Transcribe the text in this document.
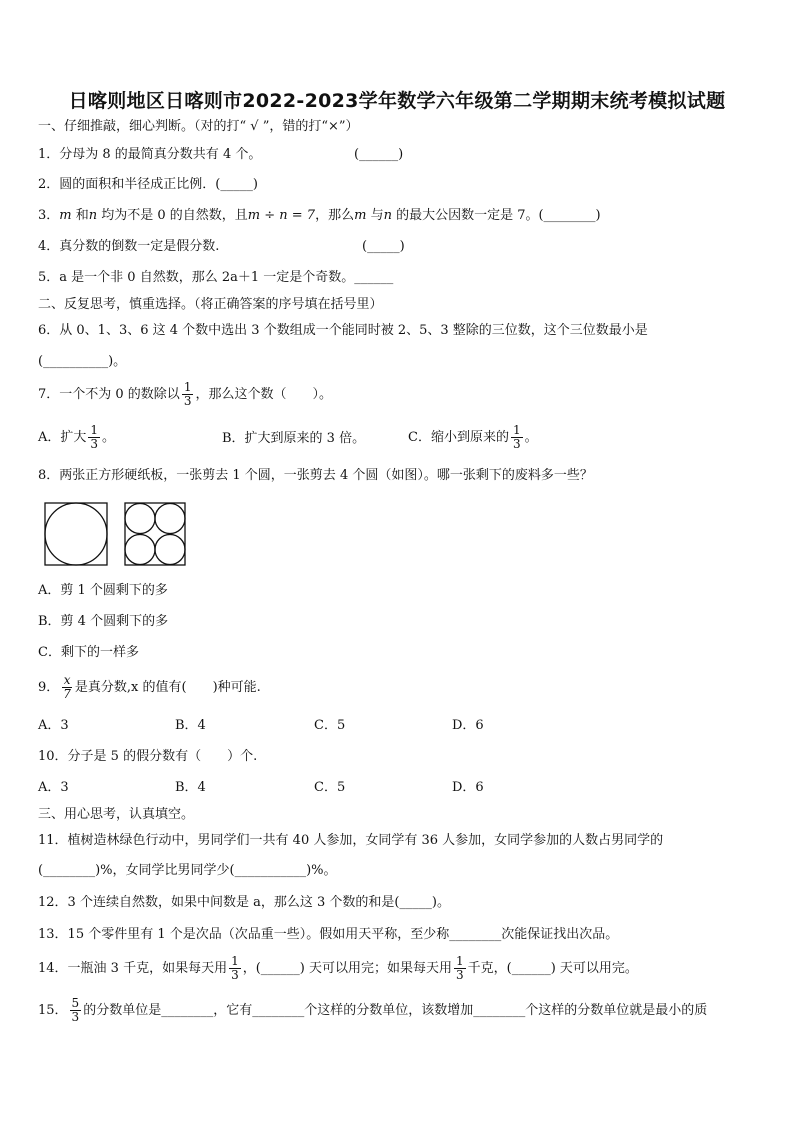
日喀则地区日喀则市2022-2023学年数学六年级第二学期期末统考模拟试题
一、仔细推敲，细心判断。（对的打“ √ ”，错的打“×”）
1．分母为 8 的最简真分数共有 4 个。	(______)
2．圆的面积和半径成正比例．(_____)
3．m 和n 均为不是 0 的自然数，且m ÷ n = 7，那么m 与n 的最大公因数一定是 7。(________)
4．真分数的倒数一定是假分数.	(_____)
5．a 是一个非 0 自然数，那么 2a＋1 一定是个奇数。______
二、反复思考，慎重选择。（将正确答案的序号填在括号里）
6．从 0、1、3、6 这 4 个数中选出 3 个数组成一个能同时被 2、5、3 整除的三位数，这个三位数最小是
(__________)。
7．一个不为 0 的数除以 $\frac{1}{3}$ ，那么这个数（　　）。
A．扩大 $\frac{1}{3}$ 。	B．扩大到原来的 3 倍。	C．缩小到原来的 $\frac{1}{3}$ 。
8．两张正方形硬纸板，一张剪去 1 个圆，一张剪去 4 个圆（如图）。哪一张剩下的废料多一些？
A．剪 1 个圆剩下的多
B．剪 4 个圆剩下的多
C．剩下的一样多
9． $\frac{x}{7}$ 是真分数,x 的值有(　　)种可能.
A．3	B．4	C．5	D．6
10．分子是 5 的假分数有（　　）个.
A．3	B．4	C．5	D．6
三、用心思考，认真填空。
11．植树造林绿色行动中，男同学们一共有 40 人参加，女同学有 36 人参加，女同学参加的人数占男同学的
(________)%，女同学比男同学少(___________)%。
12．3 个连续自然数，如果中间数是 a，那么这 3 个数的和是(_____)。
13．15 个零件里有 1 个是次品（次品重一些）。假如用天平称，至少称________次能保证找出次品。
14．一瓶油 3 千克，如果每天用 $\frac{1}{3}$ ，(______) 天可以用完；如果每天用 $\frac{1}{3}$ 千克，(______) 天可以用完。
15． $\frac{5}{3}$ 的分数单位是________，它有________个这样的分数单位，该数增加________个这样的分数单位就是最小的质
